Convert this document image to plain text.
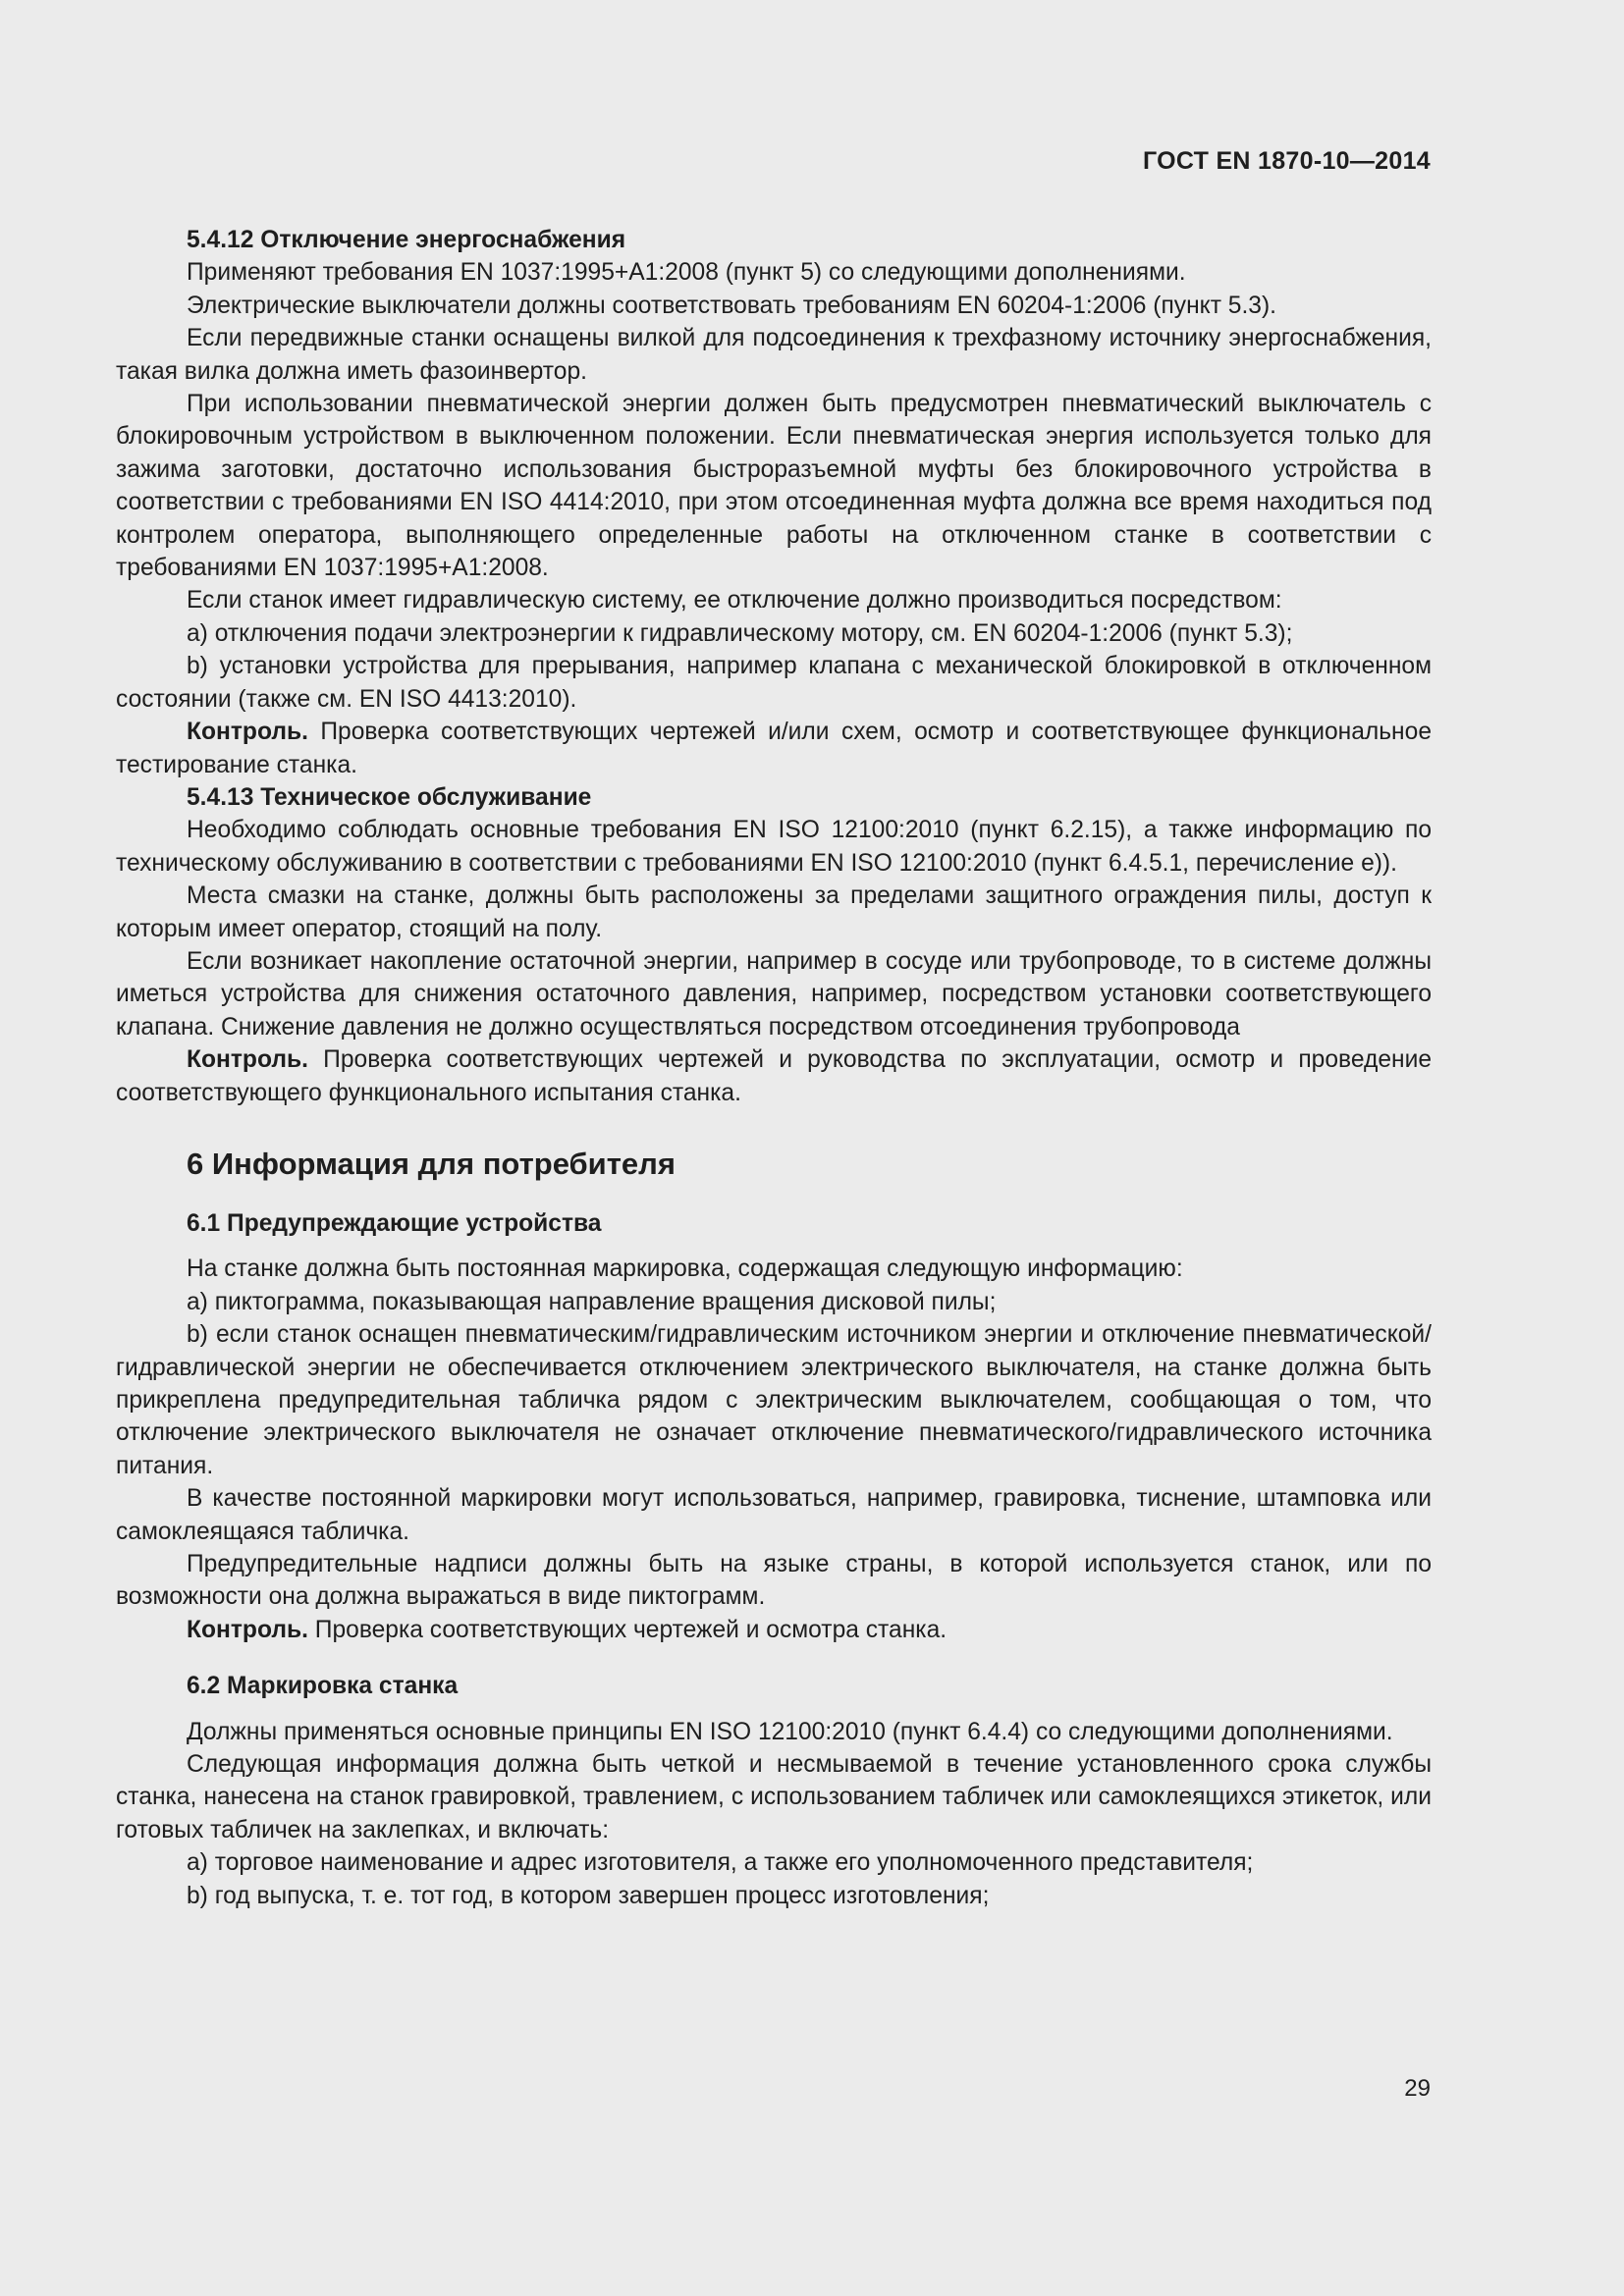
ГОСТ EN 1870-10—2014

5.4.12 Отключение энергоснабжения

Применяют требования EN 1037:1995+A1:2008 (пункт 5) со следующими дополнениями.

Электрические выключатели должны соответствовать требованиям EN 60204-1:2006 (пункт 5.3).

Если передвижные станки оснащены вилкой для подсоединения к трехфазному источнику энергоснабжения, такая вилка должна иметь фазоинвертор.

При использовании пневматической энергии должен быть предусмотрен пневматический выключатель с блокировочным устройством в выключенном положении. Если пневматическая энергия используется только для зажима заготовки, достаточно использования быстроразъемной муфты без блокировочного устройства в соответствии с требованиями EN ISO 4414:2010, при этом отсоединенная муфта должна все время находиться под контролем оператора, выполняющего определенные работы на отключенном станке в соответствии с требованиями EN 1037:1995+A1:2008.

Если станок имеет гидравлическую систему, ее отключение должно производиться посредством:

a) отключения подачи электроэнергии к гидравлическому мотору, см. EN 60204-1:2006 (пункт 5.3);

b) установки устройства для прерывания, например клапана с механической блокировкой в отключенном состоянии (также см. EN ISO 4413:2010).

Контроль. Проверка соответствующих чертежей и/или схем, осмотр и соответствующее функциональное тестирование станка.

5.4.13 Техническое обслуживание

Необходимо соблюдать основные требования EN ISO 12100:2010 (пункт 6.2.15), а также информацию по техническому обслуживанию в соответствии с требованиями EN ISO 12100:2010 (пункт 6.4.5.1, перечисление e)).

Места смазки на станке, должны быть расположены за пределами защитного ограждения пилы, доступ к которым имеет оператор, стоящий на полу.

Если возникает накопление остаточной энергии, например в сосуде или трубопроводе, то в системе должны иметься устройства для снижения остаточного давления, например, посредством установки соответствующего клапана. Снижение давления не должно осуществляться посредством отсоединения трубопровода

Контроль. Проверка соответствующих чертежей и руководства по эксплуатации, осмотр и проведение соответствующего функционального испытания станка.

6 Информация для потребителя

6.1 Предупреждающие устройства

На станке должна быть постоянная маркировка, содержащая следующую информацию:

a) пиктограмма, показывающая направление вращения дисковой пилы;

b) если станок оснащен пневматическим/гидравлическим источником энергии и отключение пневматической/гидравлической энергии не обеспечивается отключением электрического выключателя, на станке должна быть прикреплена предупредительная табличка рядом с электрическим выключателем, сообщающая о том, что отключение электрического выключателя не означает отключение пневматического/гидравлического источника питания.

В качестве постоянной маркировки могут использоваться, например, гравировка, тиснение, штамповка или самоклеящаяся табличка.

Предупредительные надписи должны быть на языке страны, в которой используется станок, или по возможности она должна выражаться в виде пиктограмм.

Контроль. Проверка соответствующих чертежей и осмотра станка.

6.2 Маркировка станка

Должны применяться основные принципы EN ISO 12100:2010 (пункт 6.4.4) со следующими дополнениями.

Следующая информация должна быть четкой и несмываемой в течение установленного срока службы станка, нанесена на станок гравировкой, травлением, с использованием табличек или самоклеящихся этикеток, или готовых табличек на заклепках, и включать:

a) торговое наименование и адрес изготовителя, а также его уполномоченного представителя;

b) год выпуска, т. е. тот год, в котором завершен процесс изготовления;

29
